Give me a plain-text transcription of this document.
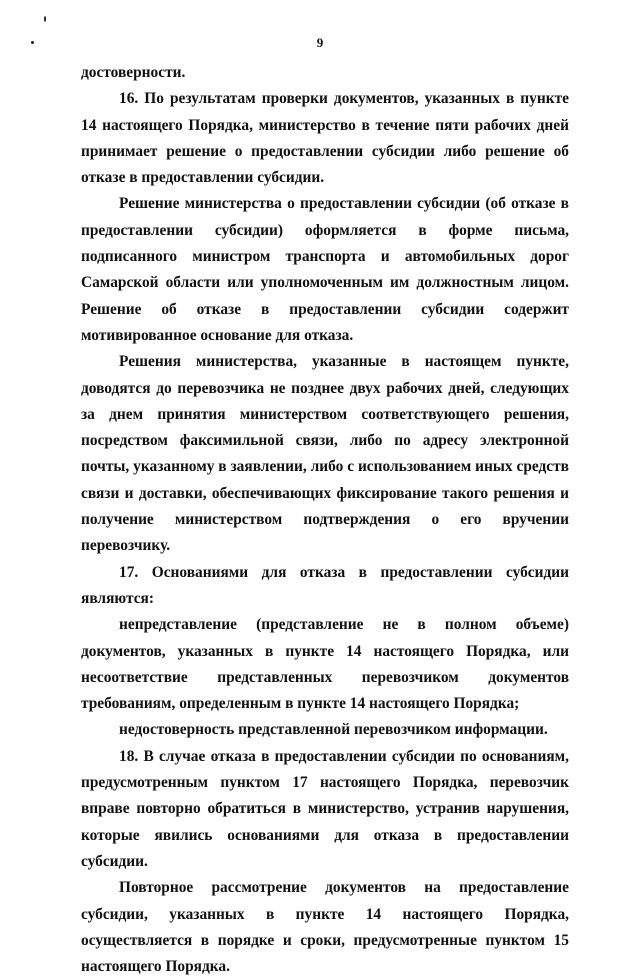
9

достоверности.

16. По результатам проверки документов, указанных в пункте 14 настоящего Порядка, министерство в течение пяти рабочих дней принимает решение о предоставлении субсидии либо решение об отказе в предоставлении субсидии.

Решение министерства о предоставлении субсидии (об отказе в предоставлении субсидии) оформляется в форме письма, подписанного министром транспорта и автомобильных дорог Самарской области или уполномоченным им должностным лицом. Решение об отказе в предоставлении субсидии содержит мотивированное основание для отказа.

Решения министерства, указанные в настоящем пункте, доводятся до перевозчика не позднее двух рабочих дней, следующих за днем принятия министерством соответствующего решения, посредством факсимильной связи, либо по адресу электронной почты, указанному в заявлении, либо с использованием иных средств связи и доставки, обеспечивающих фиксирование такого решения и получение министерством подтверждения о его вручении перевозчику.

17. Основаниями для отказа в предоставлении субсидии являются:

непредставление (представление не в полном объеме) документов, указанных в пункте 14 настоящего Порядка, или несоответствие представленных перевозчиком документов требованиям, определенным в пункте 14 настоящего Порядка;

недостоверность представленной перевозчиком информации.

18. В случае отказа в предоставлении субсидии по основаниям, предусмотренным пунктом 17 настоящего Порядка, перевозчик вправе повторно обратиться в министерство, устранив нарушения, которые явились основаниями для отказа в предоставлении субсидии.

Повторное рассмотрение документов на предоставление субсидии, указанных в пункте 14 настоящего Порядка, осуществляется в порядке и сроки, предусмотренные пунктом 15 настоящего Порядка.
